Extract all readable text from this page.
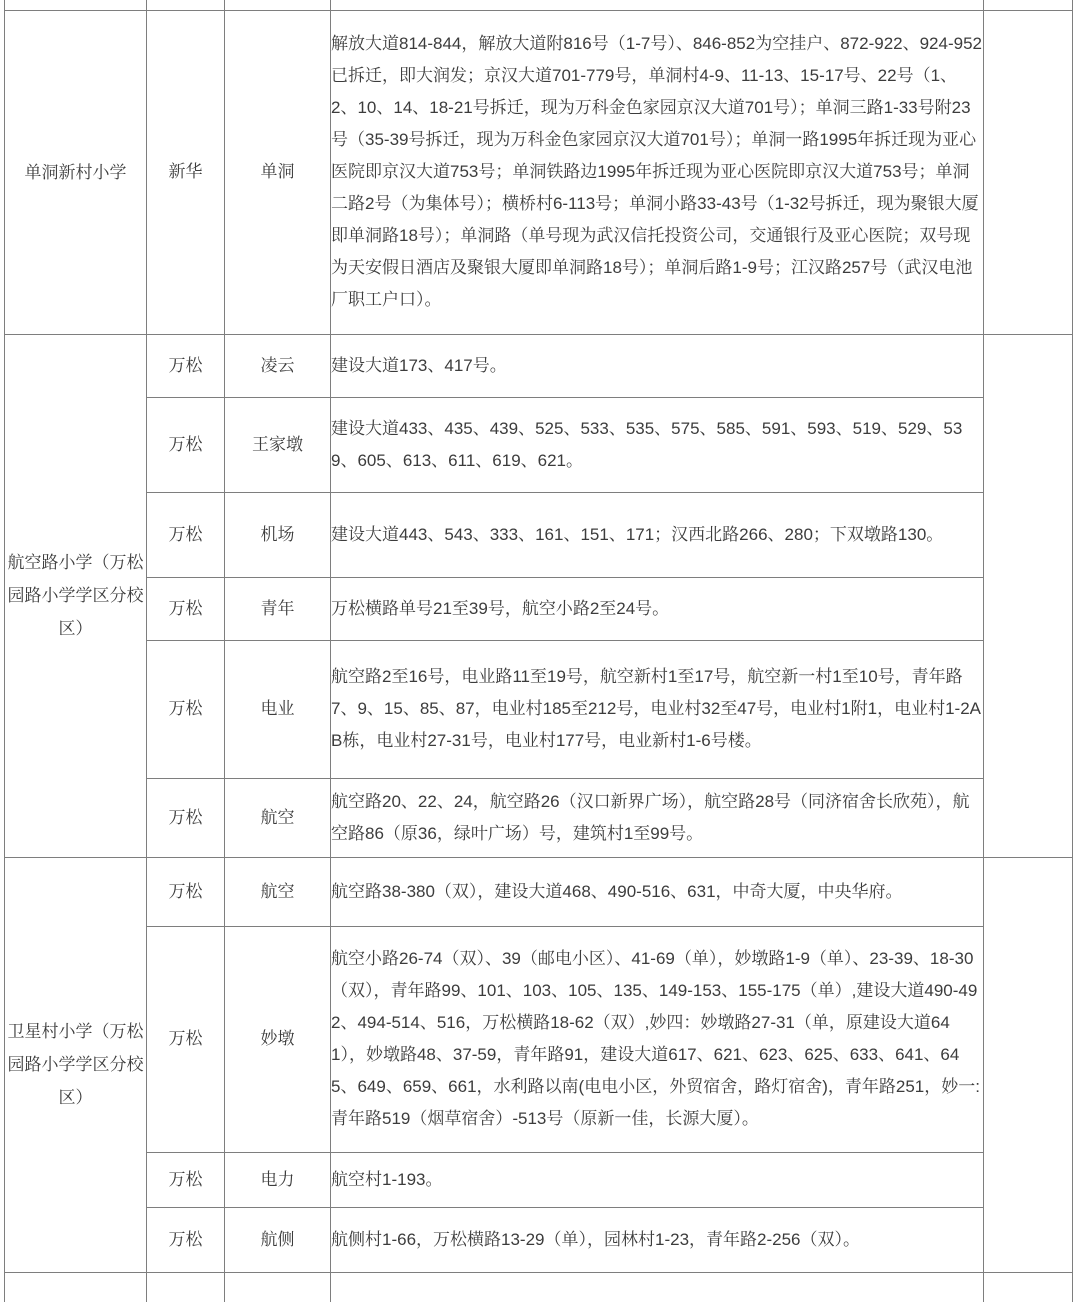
单洞新村小学	新华	单洞	解放大道814-844，解放大道附816号（1-7号）、846-852为空挂户、872-922、924-952已拆迁，即大润发；京汉大道701-779号，单洞村4-9、11-13、15-17号、22号（1、2、10、14、18-21号拆迁，现为万科金色家园京汉大道701号）；单洞三路1-33号附23号（35-39号拆迁，现为万科金色家园京汉大道701号）；单洞一路1995年拆迁现为亚心医院即京汉大道753号；单洞铁路边1995年拆迁现为亚心医院即京汉大道753号；单洞二路2号（为集体号）；横桥村6-113号；单洞小路33-43号（1-32号拆迁，现为聚银大厦即单洞路18号）；单洞路（单号现为武汉信托投资公司，交通银行及亚心医院；双号现为天安假日酒店及聚银大厦即单洞路18号）；单洞后路1-9号；江汉路257号（武汉电池厂职工户口）。	
航空路小学（万松园路小学学区分校区）	万松	凌云	建设大道173、417号。	
	万松	王家墩	建设大道433、435、439、525、533、535、575、585、591、593、519、529、539、605、613、611、619、621。	
	万松	机场	建设大道443、543、333、161、151、171；汉西北路266、280；下双墩路130。	
	万松	青年	万松横路单号21至39号，航空小路2至24号。	
	万松	电业	航空路2至16号，电业路11至19号，航空新村1至17号，航空新一村1至10号，青年路7、9、15、85、87，电业村185至212号，电业村32至47号，电业村1附1，电业村1-2AB栋，电业村27-31号，电业村177号，电业新村1-6号楼。	
	万松	航空	航空路20、22、24，航空路26（汉口新界广场），航空路28号（同济宿舍长欣苑），航空路86（原36，绿叶广场）号，建筑村1至99号。	
卫星村小学（万松园路小学学区分校区）	万松	航空	航空路38-380（双），建设大道468、490-516、631，中奇大厦，中央华府。	
	万松	妙墩	航空小路26-74（双）、39（邮电小区）、41-69（单），妙墩路1-9（单）、23-39、18-30（双），青年路99、101、103、105、135、149-153、155-175（单）,建设大道490-492、494-514、516，万松横路18-62（双）,妙四：妙墩路27-31（单，原建设大道641），妙墩路48、37-59，青年路91，建设大道617、621、623、625、633、641、645、649、659、661，水利路以南(电电小区，外贸宿舍，路灯宿舍)，青年路251，妙一:青年路519（烟草宿舍）-513号（原新一佳，长源大厦）。	
	万松	电力	航空村1-193。	
	万松	航侧	航侧村1-66，万松横路13-29（单），园林村1-23，青年路2-256（双）。	
